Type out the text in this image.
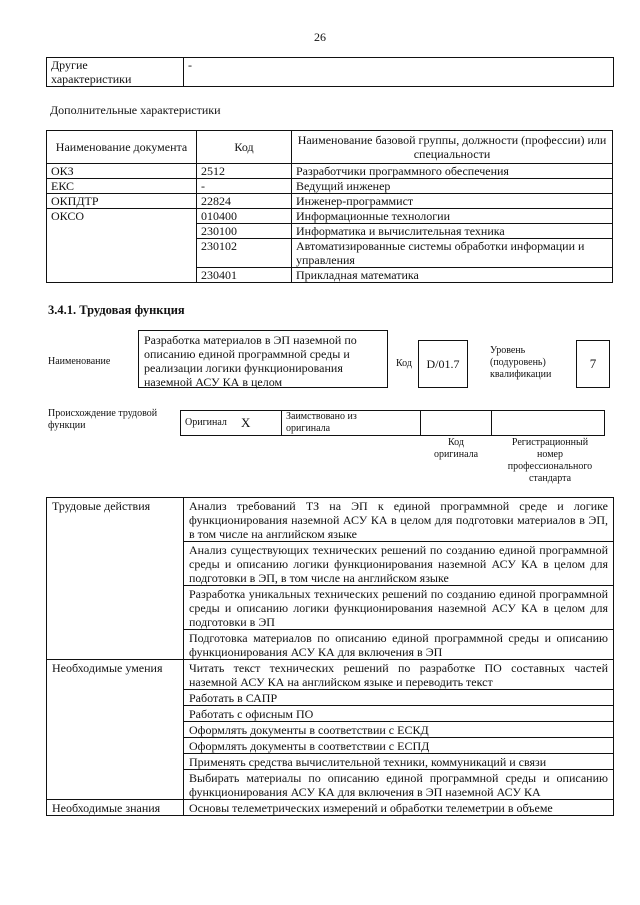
26
Другие
характеристики	-
Дополнительные характеристики
Наименование документа	Код	Наименование базовой группы, должности (профессии) или специальности
ОКЗ	2512	Разработчики программного обеспечения
ЕКС	-	Ведущий инженер
ОКПДТР	22824	Инженер-программист
ОКСО	010400	Информационные технологии
	230100	Информатика и вычислительная техника
	230102	Автоматизированные системы обработки информации и управления
	230401	Прикладная математика
3.4.1. Трудовая функция
Наименование
Разработка материалов в ЭП наземной по описанию единой программной среды и реализации логики функционирования наземной АСУ КА в целом
Код	D/01.7
Уровень
(подуровень)
квалификации
7
Происхождение трудовой
функции	Оригинал	X	Заимствовано из
оригинала

Код
оригинала
Регистрационный
номер
профессионального
стандарта
Трудовые действия	Анализ требований ТЗ на ЭП к единой программной среде и логике функционирования наземной АСУ КА в целом для подготовки материалов в ЭП, в том числе на английском языке
	Анализ существующих технических решений по созданию единой программной среды и описанию логики функционирования наземной АСУ КА в целом для подготовки в ЭП, в том числе на английском языке
	Разработка уникальных технических решений по созданию единой программной среды и описанию логики функционирования наземной АСУ КА в целом для подготовки в ЭП
	Подготовка материалов по описанию единой программной среды и описанию функционирования АСУ КА для включения в ЭП
Необходимые умения	Читать текст технических решений по разработке ПО составных частей наземной АСУ КА на английском языке и переводить текст
	Работать в САПР
	Работать с офисным ПО
	Оформлять документы в соответствии с ЕСКД
	Оформлять документы в соответствии с ЕСПД
	Применять средства вычислительной техники, коммуникаций и связи
	Выбирать материалы по описанию единой программной среды и описанию функционирования АСУ КА для включения в ЭП наземной АСУ КА
Необходимые знания	Основы телеметрических измерений и обработки телеметрии в объеме
